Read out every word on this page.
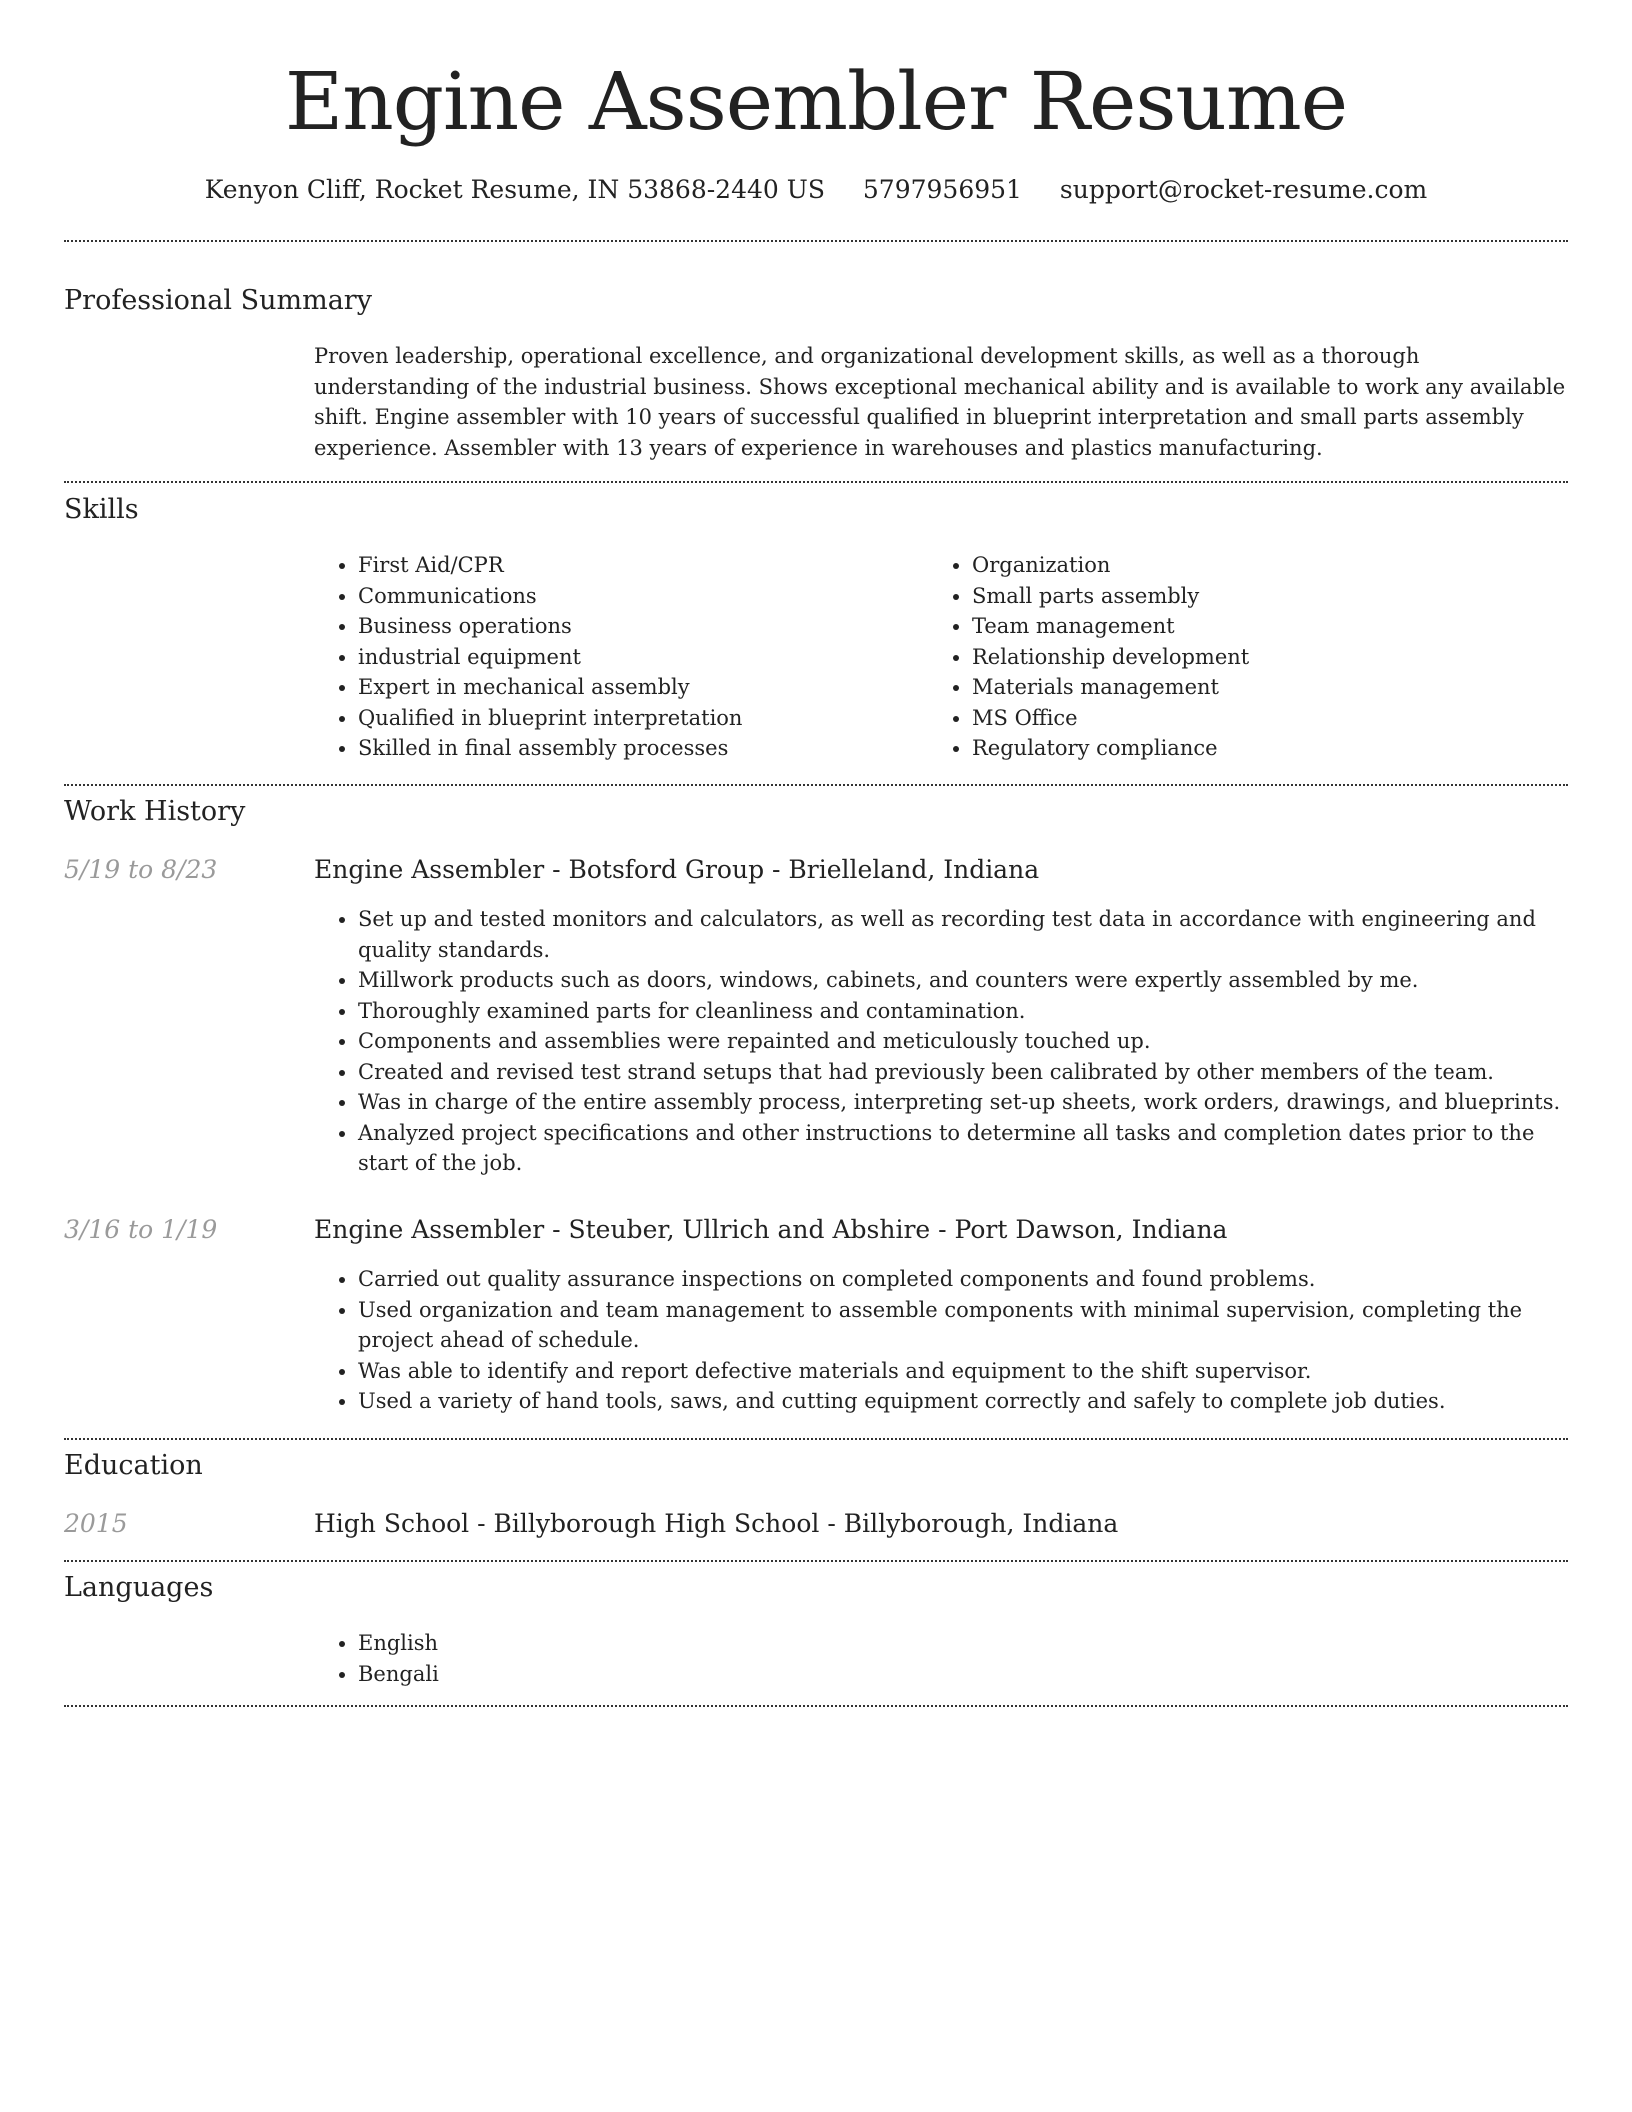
Engine Assembler Resume
Kenyon Cliff, Rocket Resume, IN 53868-2440 US 5797956951 support@rocket-resume.com
Professional Summary
Proven leadership, operational excellence, and organizational development skills, as well as a thorough understanding of the industrial business. Shows exceptional mechanical ability and is available to work any available shift. Engine assembler with 10 years of successful qualified in blueprint interpretation and small parts assembly experience. Assembler with 13 years of experience in warehouses and plastics manufacturing.
Skills
• First Aid/CPR
• Communications
• Business operations
• industrial equipment
• Expert in mechanical assembly
• Qualified in blueprint interpretation
• Skilled in final assembly processes
• Organization
• Small parts assembly
• Team management
• Relationship development
• Materials management
• MS Office
• Regulatory compliance
Work History
5/19 to 8/23	Engine Assembler - Botsford Group - Brielleland, Indiana
• Set up and tested monitors and calculators, as well as recording test data in accordance with engineering and quality standards.
• Millwork products such as doors, windows, cabinets, and counters were expertly assembled by me.
• Thoroughly examined parts for cleanliness and contamination.
• Components and assemblies were repainted and meticulously touched up.
• Created and revised test strand setups that had previously been calibrated by other members of the team.
• Was in charge of the entire assembly process, interpreting set-up sheets, work orders, drawings, and blueprints.
• Analyzed project specifications and other instructions to determine all tasks and completion dates prior to the start of the job.
3/16 to 1/19	Engine Assembler - Steuber, Ullrich and Abshire - Port Dawson, Indiana
• Carried out quality assurance inspections on completed components and found problems.
• Used organization and team management to assemble components with minimal supervision, completing the project ahead of schedule.
• Was able to identify and report defective materials and equipment to the shift supervisor.
• Used a variety of hand tools, saws, and cutting equipment correctly and safely to complete job duties.
Education
2015	High School - Billyborough High School - Billyborough, Indiana
Languages
• English
• Bengali
